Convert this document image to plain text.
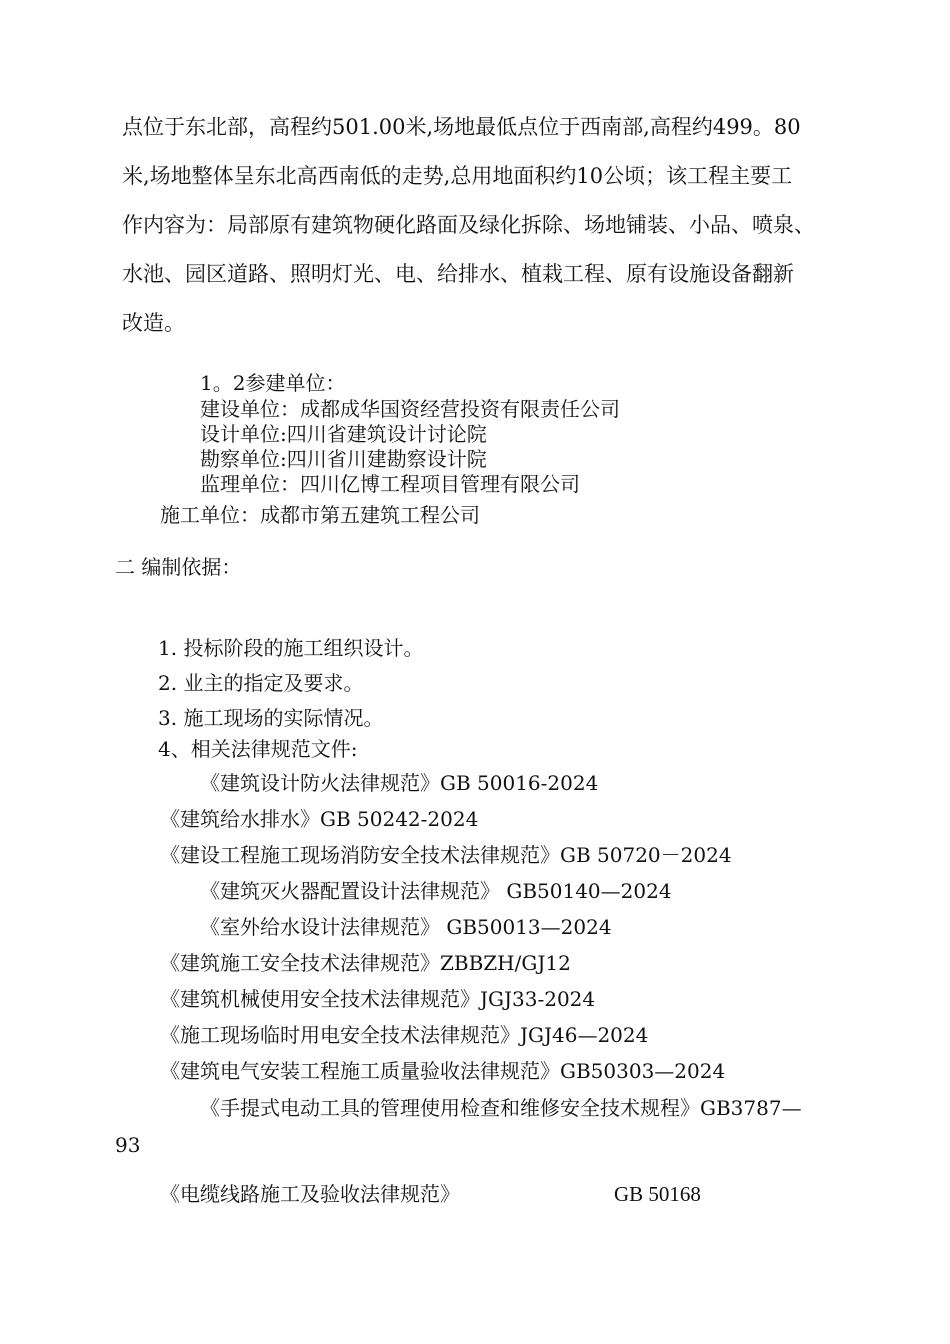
点位于东北部，高程约501.00米,场地最低点位于西南部,高程约499。80
米,场地整体呈东北高西南低的走势,总用地面积约10公顷；该工程主要工
作内容为：局部原有建筑物硬化路面及绿化拆除、场地铺装、小品、喷泉、
水池、园区道路、照明灯光、电、给排水、植栽工程、原有设施设备翻新
改造。
1。2参建单位：
建设单位：成都成华国资经营投资有限责任公司
设计单位:四川省建筑设计讨论院
勘察单位:四川省川建勘察设计院
监理单位：四川亿博工程项目管理有限公司
施工单位：成都市第五建筑工程公司
二 编制依据：
1. 投标阶段的施工组织设计。
2. 业主的指定及要求。
3. 施工现场的实际情况。
4、相关法律规范文件:
《建筑设计防火法律规范》GB 50016-2024
《建筑给水排水》GB 50242-2024
《建设工程施工现场消防安全技术法律规范》GB 50720－2024
《建筑灭火器配置设计法律规范》 GB50140—2024
《室外给水设计法律规范》 GB50013—2024
《建筑施工安全技术法律规范》ZBBZH/GJ12
《建筑机械使用安全技术法律规范》JGJ33-2024
《施工现场临时用电安全技术法律规范》JGJ46—2024
《建筑电气安装工程施工质量验收法律规范》GB50303—2024
《手提式电动工具的管理使用检查和维修安全技术规程》GB3787—
93
《电缆线路施工及验收法律规范》	GB 50168
